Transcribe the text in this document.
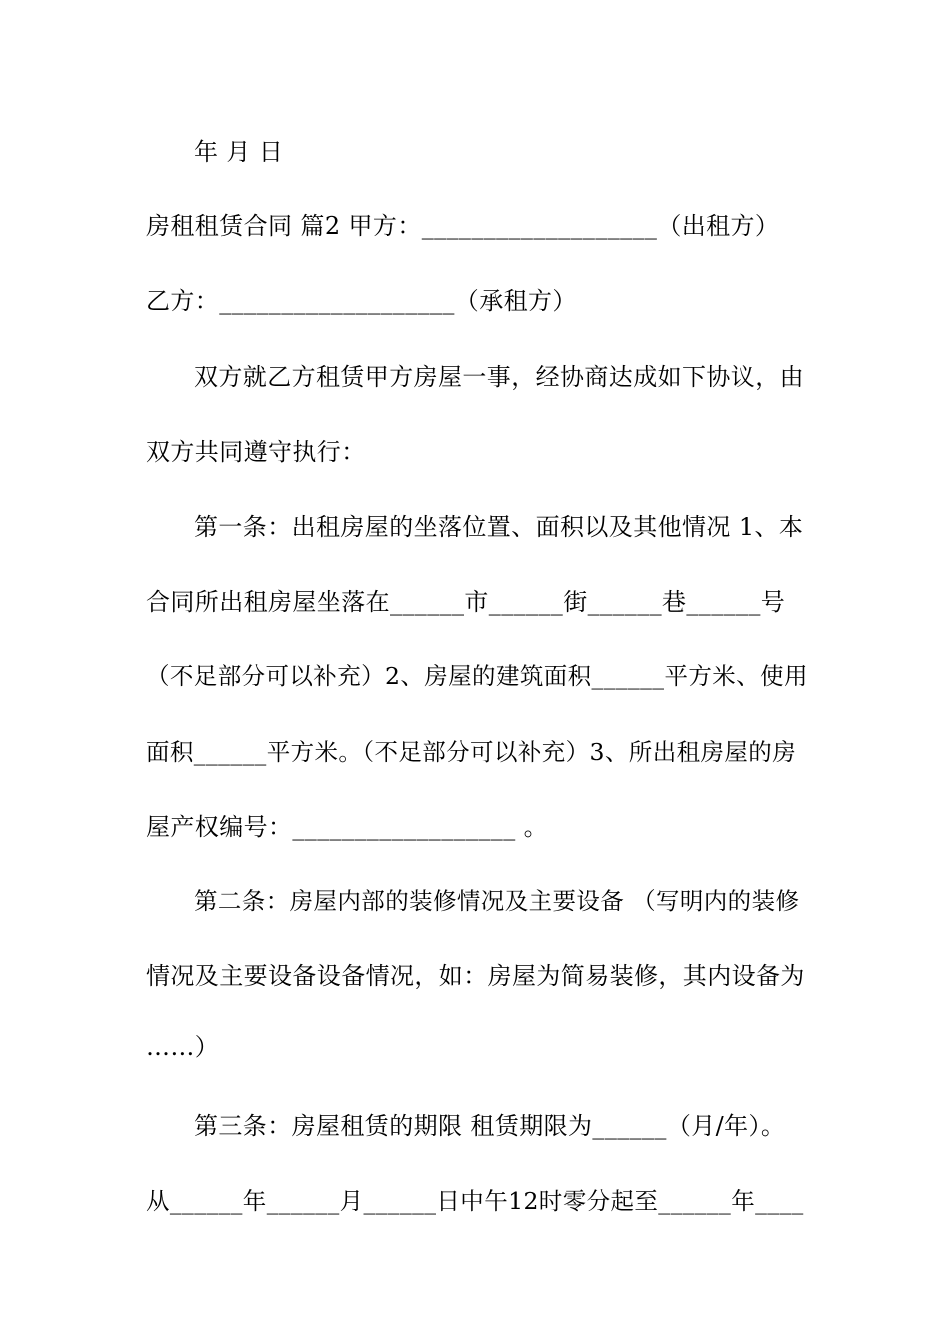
年 月 日
房租租赁合同 篇2 甲方：___________________（出租方）
乙方：___________________（承租方）
双方就乙方租赁甲方房屋一事，经协商达成如下协议，由
双方共同遵守执行：
第一条：出租房屋的坐落位置、面积以及其他情况 1、本
合同所出租房屋坐落在______市______街______巷______号
（不足部分可以补充）2、房屋的建筑面积______平方米、使用
面积______平方米。（不足部分可以补充）3、所出租房屋的房
屋产权编号：__________________ 。
第二条：房屋内部的装修情况及主要设备 （写明内的装修
情况及主要设备设备情况，如：房屋为简易装修，其内设备为
……）
第三条：房屋租赁的期限 租赁期限为______（月/年）。
从______年______月______日中午12时零分起至______年____
